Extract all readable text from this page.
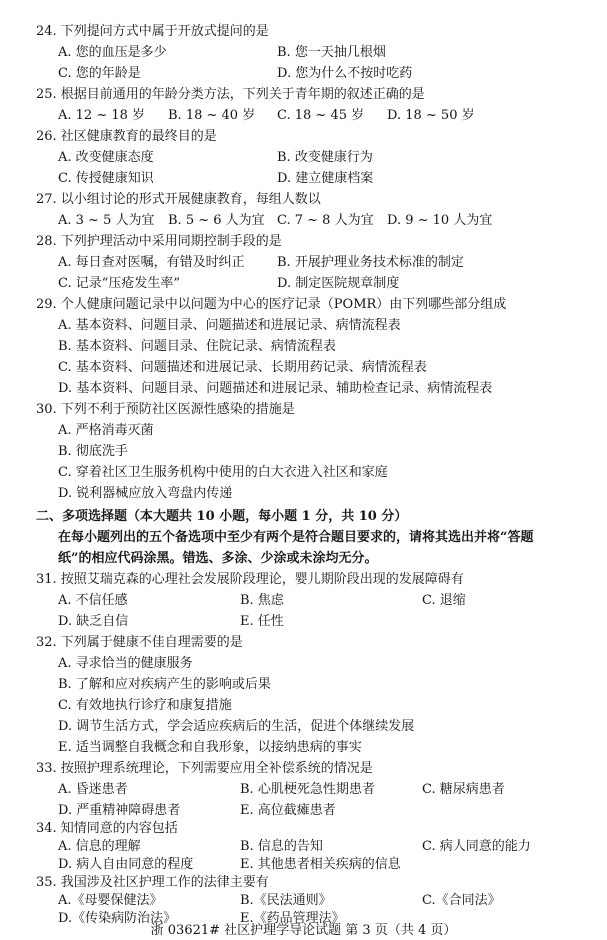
24. 下列提问方式中属于开放式提问的是
A. 您的血压是多少	B. 您一天抽几根烟
C. 您的年龄是	D. 您为什么不按时吃药
25. 根据目前通用的年龄分类方法，下列关于青年期的叙述正确的是
A. 12 ~ 18 岁 B. 18 ~ 40 岁 C. 18 ~ 45 岁 D. 18 ~ 50 岁
26. 社区健康教育的最终目的是
A. 改变健康态度	B. 改变健康行为
C. 传授健康知识	D. 建立健康档案
27. 以小组讨论的形式开展健康教育，每组人数以
A. 3 ~ 5 人为宜 B. 5 ~ 6 人为宜 C. 7 ~ 8 人为宜 D. 9 ~ 10 人为宜
28. 下列护理活动中采用同期控制手段的是
A. 每日查对医嘱，有错及时纠正 B. 开展护理业务技术标准的制定
C. 记录“压疮发生率”	D. 制定医院规章制度
29. 个人健康问题记录中以问题为中心的医疗记录（POMR）由下列哪些部分组成
A. 基本资料、问题目录、问题描述和进展记录、病情流程表
B. 基本资料、问题目录、住院记录、病情流程表
C. 基本资料、问题描述和进展记录、长期用药记录、病情流程表
D. 基本资料、问题目录、问题描述和进展记录、辅助检查记录、病情流程表
30. 下列不利于预防社区医源性感染的措施是
A. 严格消毒灭菌
B. 彻底洗手
C. 穿着社区卫生服务机构中使用的白大衣进入社区和家庭
D. 锐利器械应放入弯盘内传递
二、多项选择题（本大题共 10 小题，每小题 1 分，共 10 分）
在每小题列出的五个备选项中至少有两个是符合题目要求的，请将其选出并将“答题
纸”的相应代码涂黑。错选、多涂、少涂或未涂均无分。
31. 按照艾瑞克森的心理社会发展阶段理论，婴儿期阶段出现的发展障碍有
A. 不信任感	B. 焦虑	C. 退缩
D. 缺乏自信	E. 任性
32. 下列属于健康不佳自理需要的是
A. 寻求恰当的健康服务
B. 了解和应对疾病产生的影响或后果
C. 有效地执行诊疗和康复措施
D. 调节生活方式，学会适应疾病后的生活，促进个体继续发展
E. 适当调整自我概念和自我形象，以接纳患病的事实
33. 按照护理系统理论，下列需要应用全补偿系统的情况是
A. 昏迷患者	B. 心肌梗死急性期患者	C. 糖尿病患者
D. 严重精神障碍患者	E. 高位截瘫患者
34. 知情同意的内容包括
A. 信息的理解	B. 信息的告知	C. 病人同意的能力
D. 病人自由同意的程度	E. 其他患者相关疾病的信息
浙 03621# 社区护理学导论试题 第 3 页（共 4 页）
35. 我国涉及社区护理工作的法律主要有
A.《母婴保健法》	B.《民法通则》	C.《合同法》
D.《传染病防治法》	E.《药品管理法》
